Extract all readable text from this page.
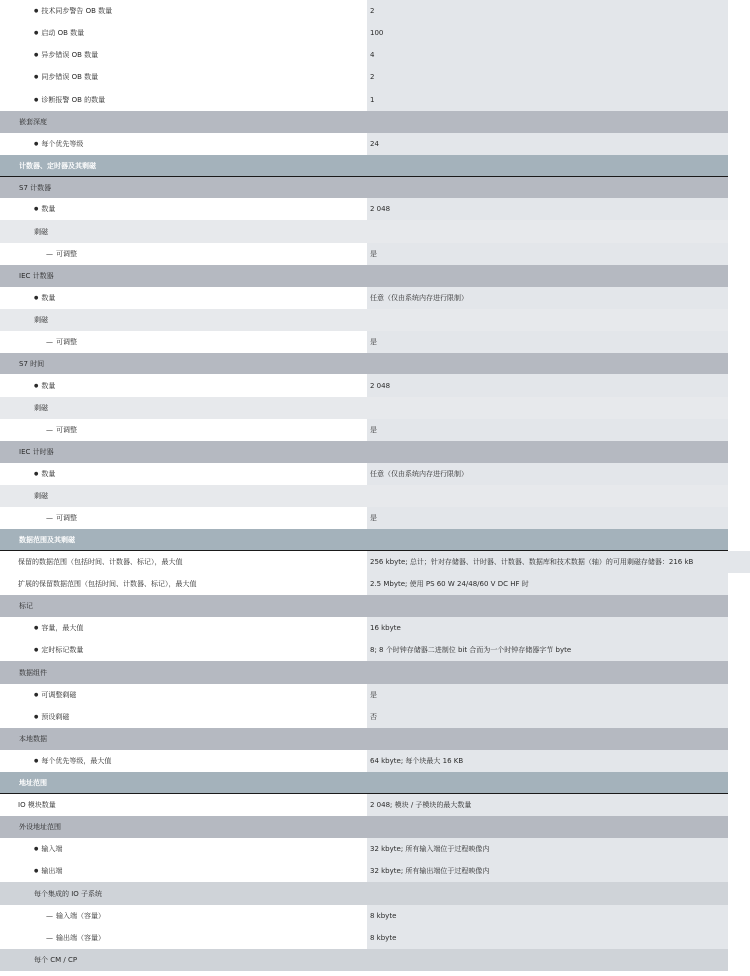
● 技术同步警告 OB 数量	2
● 启动 OB 数量	100
● 异步错误 OB 数量	4
● 同步错误 OB 数量	2
● 诊断报警 OB 的数量	1
嵌套深度
● 每个优先等级	24
计数器、定时器及其剩磁
S7 计数器
● 数量	2 048
剩磁
— 可调整	是
IEC 计数器
● 数量	任意（仅由系统内存进行限制）
剩磁
— 可调整	是
S7 时间
● 数量	2 048
剩磁
— 可调整	是
IEC 计时器
● 数量	任意（仅由系统内存进行限制）
剩磁
— 可调整	是
数据范围及其剩磁
保留的数据范围（包括时间、计数器、标记），最大值	256 kbyte; 总计；针对存储器、计时器、计数器、数据库和技术数据（轴）的可用剩磁存储器：216 kB
扩展的保留数据范围（包括时间、计数器、标记），最大值	2.5 Mbyte; 使用 PS 60 W 24/48/60 V DC HF 时
标记
● 容量，最大值	16 kbyte
● 定时标记数量	8; 8 个时钟存储器二进制位 bit 合而为一个时钟存储器字节 byte
数据组件
● 可调整剩磁	是
● 预设剩磁	否
本地数据
● 每个优先等级，最大值	64 kbyte; 每个块最大 16 KB
地址范围
IO 模块数量	2 048; 模块 / 子模块的最大数量
外设地址范围
● 输入端	32 kbyte; 所有输入端位于过程映像内
● 输出端	32 kbyte; 所有输出端位于过程映像内
每个集成的 IO 子系统
— 输入端（容量）	8 kbyte
— 输出端（容量）	8 kbyte
每个 CM / CP
